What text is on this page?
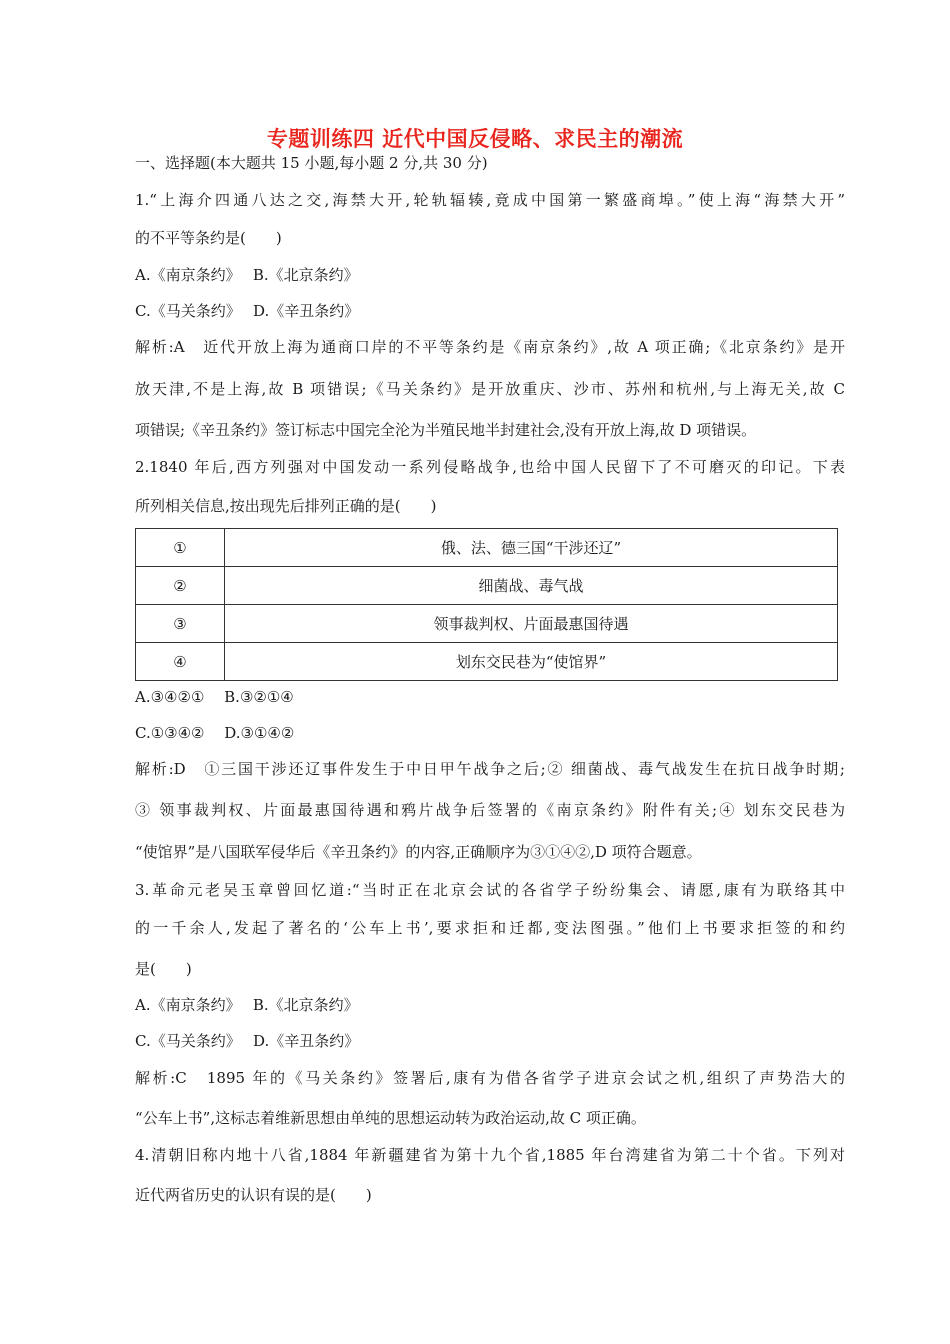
专题训练四 近代中国反侵略、求民主的潮流
一、选择题(本大题共 15 小题,每小题 2 分,共 30 分)
1.“上海介四通八达之交,海禁大开,轮轨辐辏,竟成中国第一繁盛商埠。”使上海“海禁大开”
的不平等条约是(　　)
A.《南京条约》　 B.《北京条约》
C.《马关条约》　 D.《辛丑条约》
解析:A　近代开放上海为通商口岸的不平等条约是《南京条约》,故 A 项正确;《北京条约》是开
放天津,不是上海,故 B 项错误;《马关条约》是开放重庆、沙市、苏州和杭州,与上海无关,故 C
项错误;《辛丑条约》签订标志中国完全沦为半殖民地半封建社会,没有开放上海,故 D 项错误。
2.1840 年后,西方列强对中国发动一系列侵略战争,也给中国人民留下了不可磨灭的印记。下表
所列相关信息,按出现先后排列正确的是(　　)
①	俄、法、德三国“干涉还辽”
②	细菌战、毒气战
③	领事裁判权、片面最惠国待遇
④	划东交民巷为“使馆界”
A.③④②①　 B.③②①④
C.①③④②　 D.③①④②
解析:D　①三国干涉还辽事件发生于中日甲午战争之后;② 细菌战、毒气战发生在抗日战争时期;
③ 领事裁判权、片面最惠国待遇和鸦片战争后签署的《南京条约》附件有关;④ 划东交民巷为
“使馆界”是八国联军侵华后《辛丑条约》的内容,正确顺序为③①④②,D 项符合题意。
3.革命元老吴玉章曾回忆道:“当时正在北京会试的各省学子纷纷集会、请愿,康有为联络其中
的一千余人,发起了著名的‘公车上书’,要求拒和迁都,变法图强。”他们上书要求拒签的和约
是(　　)
A.《南京条约》　 B.《北京条约》
C.《马关条约》　 D.《辛丑条约》
解析:C　1895 年的《马关条约》签署后,康有为借各省学子进京会试之机,组织了声势浩大的
“公车上书”,这标志着维新思想由单纯的思想运动转为政治运动,故 C 项正确。
4.清朝旧称内地十八省,1884 年新疆建省为第十九个省,1885 年台湾建省为第二十个省。下列对
近代两省历史的认识有误的是(　　)
